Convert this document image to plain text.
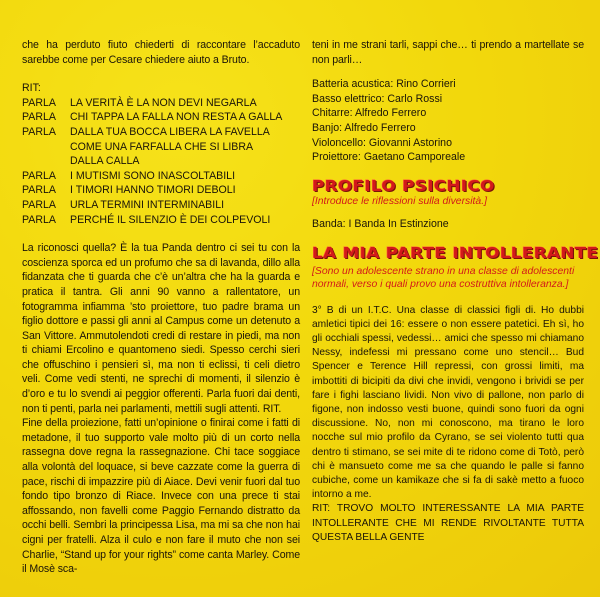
che ha perduto fiuto chiederti di raccontare l’accaduto sarebbe come per Cesare chiedere aiuto a Bruto.

RIT:

PARLA	LA VERITÀ È LA NON DEVI NEGARLA
PARLA	CHI TAPPA LA FALLA NON RESTA A GALLA
PARLA	DALLA TUA BOCCA LIBERA LA FAVELLA
COME UNA FARFALLA CHE SI LIBRA
DALLA CALLA
PARLA	I MUTISMI SONO INASCOLTABILI
PARLA	I TIMORI HANNO TIMORI DEBOLI
PARLA	URLA TERMINI INTERMINABILI
PARLA	PERCHÉ IL SILENZIO È DEI COLPEVOLI

La riconosci quella? È la tua Panda dentro ci sei tu con la coscienza sporca ed un profumo che sa di lavanda, dillo alla fidanzata che ti guarda che c’è un’altra che ha la guarda e pratica il tantra. Gli anni 90 vanno a rallentatore, un fotogramma infiamma ’sto proiettore, tuo padre brama un figlio dottore e passi gli anni al Campus come un detenuto a San Vittore. Ammutolendoti credi di restare in piedi, ma non ti chiami Ercolino e quantomeno siedi. Spesso cerchi sieri che offuschino i pensieri sì, ma non ti eclissi, ti celi dietro veli. Come vedi stenti, ne sprechi di momenti, il silenzio è d’oro e tu lo svendi ai peggior offerenti. Parla fuori dai denti, non ti penti, parla nei parlamenti, mettili sugli attenti. RIT.

Fine della proiezione, fatti un’opinione o finirai come i fatti di metadone, il tuo supporto vale molto più di un corto nella rassegna dove regna la rassegnazione. Chi tace soggiace alla volontà del loquace, si beve cazzate come la guerra di pace, rischi di impazzire più di Aiace. Devi venir fuori dal tuo fondo tipo bronzo di Riace. Invece con una prece ti stai affossando, non favelli come Paggio Fernando distratto da occhi belli. Sembri la principessa Lisa, ma mi sa che non hai cigni per fratelli. Alza il culo e non fare il muto che non sei Charlie, “Stand up for your rights” come canta Marley. Come il Mosè sca-

teni in me strani tarli, sappi che… ti prendo a martellate se non parli…

Batteria acustica: Rino Corrieri

Basso elettrico: Carlo Rossi

Chitarre: Alfredo Ferrero

Banjo: Alfredo Ferrero

Violoncello: Giovanni Astorino

Proiettore: Gaetano Camporeale

PROFILO PSICHICO

[Introduce le riflessioni sulla diversità.]

Banda: I Banda In Estinzione

LA MIA PARTE INTOLLERANTE

[Sono un adolescente strano in una classe di adolescenti normali, verso i quali provo una costruttiva intolleranza.]

3° B di un I.T.C. Una classe di classici figli di. Ho dubbi amletici tipici dei 16: essere o non essere patetici. Eh sì, ho gli occhiali spessi, vedessi… amici che spesso mi chiamano Nessy, indefessi mi pressano come uno stencil… Bud Spencer e Terence Hill repressi, con grossi limiti, ma imbottiti di bicipiti da divi che invidi, vengono i brividi se per fare i fighi lasciano lividi. Non vivo di pallone, non parlo di figone, non indosso vesti buone, quindi sono fuori da ogni discussione. No, non mi conoscono, ma tirano le loro nocche sul mio profilo da Cyrano, se sei violento tutti qua dentro ti stimano, se sei mite di te ridono come di Totò, però chi è mansueto come me sa che quando le palle si fanno cubiche, come un kamikaze che si fa di sakè metto a fuoco intorno a me.

RIT: TROVO MOLTO INTERESSANTE LA MIA PARTE INTOLLERANTE CHE MI RENDE RIVOLTANTE TUTTA QUESTA BELLA GENTE
